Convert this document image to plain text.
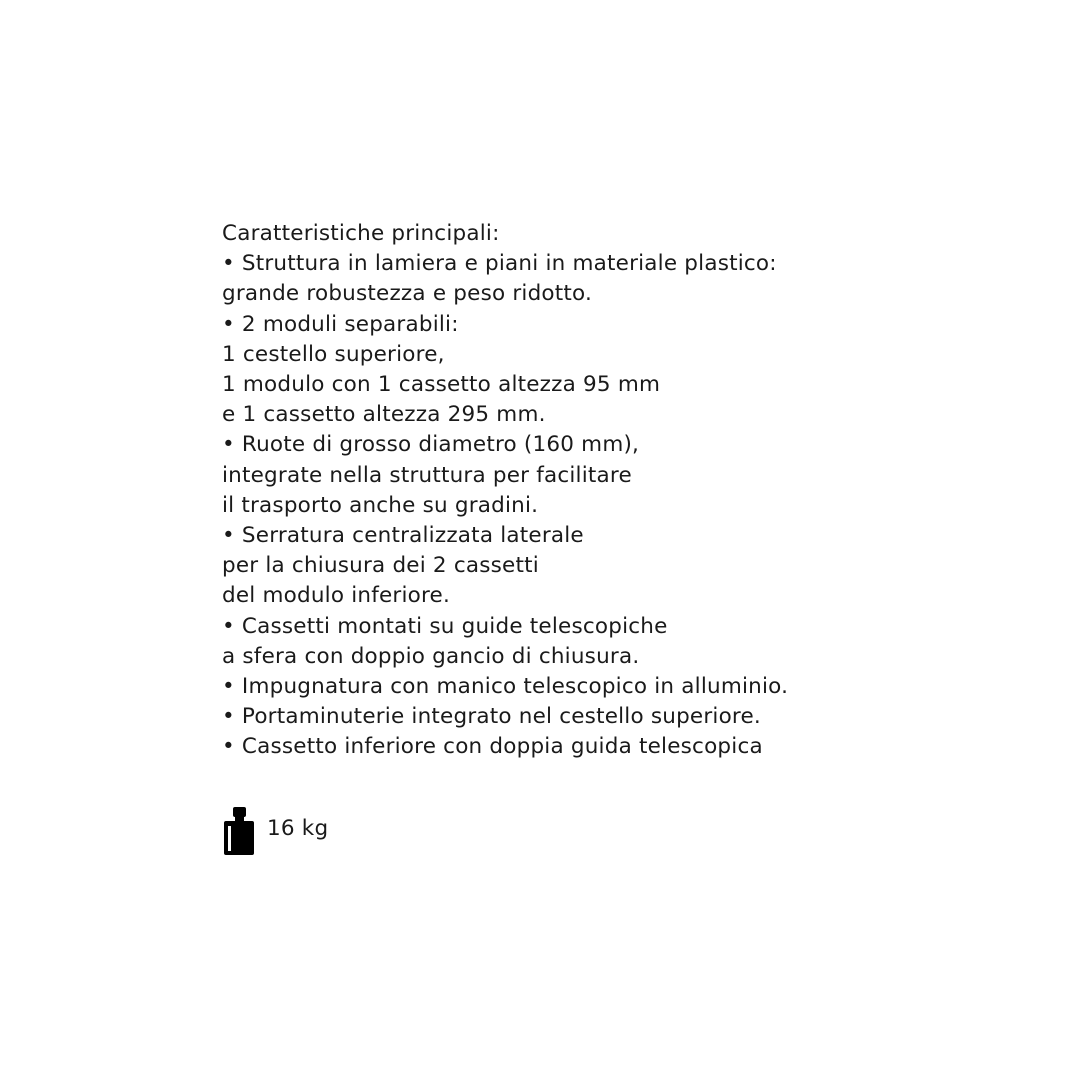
Caratteristiche principali:
• Struttura in lamiera e piani in materiale plastico:
grande robustezza e peso ridotto.
• 2 moduli separabili:
1 cestello superiore,
1 modulo con 1 cassetto altezza 95 mm
e 1 cassetto altezza 295 mm.
• Ruote di grosso diametro (160 mm),
integrate nella struttura per facilitare
il trasporto anche su gradini.
• Serratura centralizzata laterale
per la chiusura dei 2 cassetti
del modulo inferiore.
• Cassetti montati su guide telescopiche
a sfera con doppio gancio di chiusura.
• Impugnatura con manico telescopico in alluminio.
• Portaminuterie integrato nel cestello superiore.
• Cassetto inferiore con doppia guida telescopica
16 kg
